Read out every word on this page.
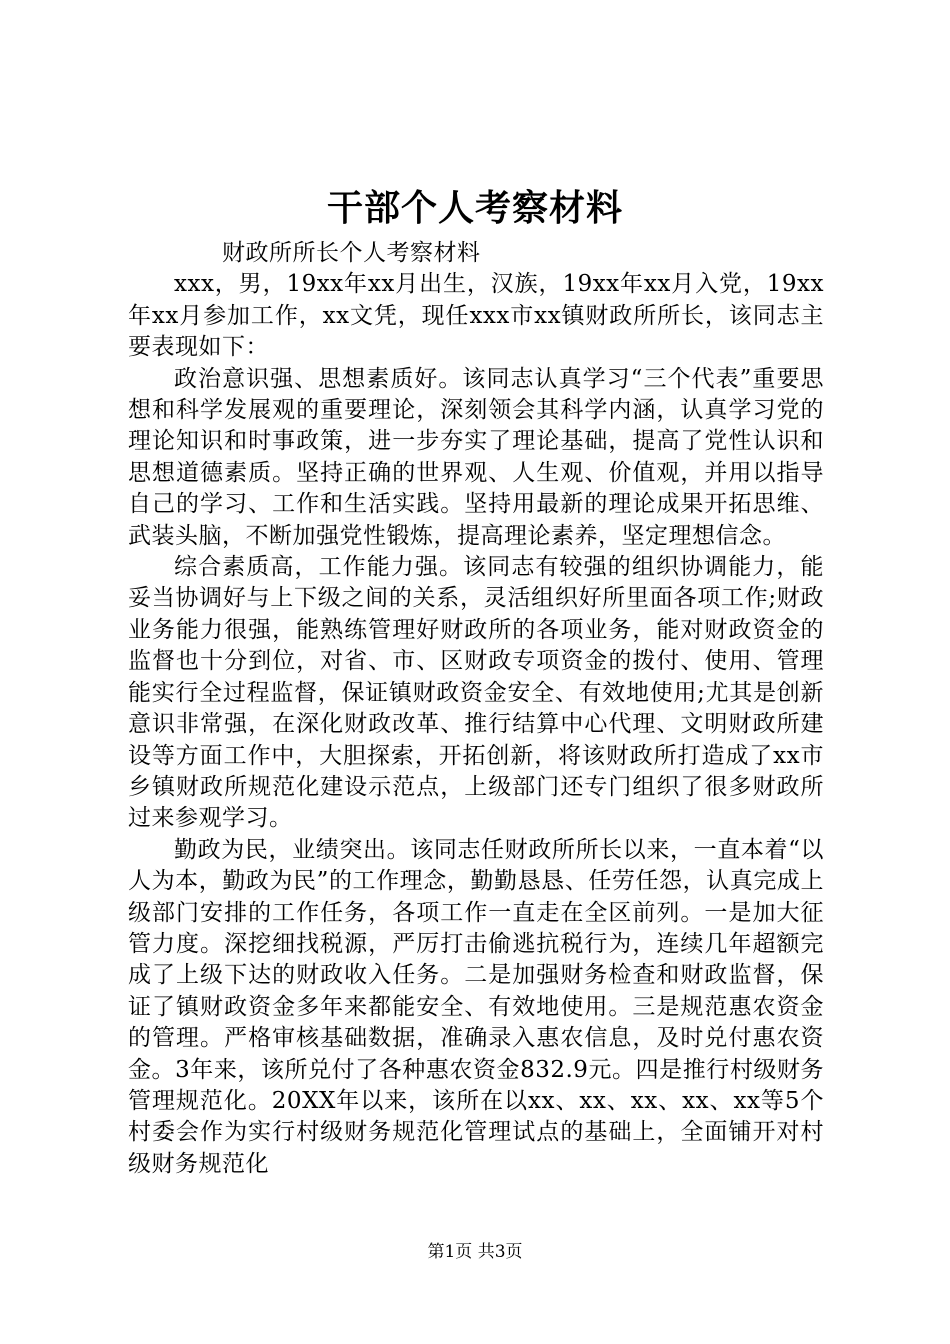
干部个人考察材料

财政所所长个人考察材料

xxx，男，19xx年xx月出生，汉族，19xx年xx月入党，19xx年xx月参加工作，xx文凭，现任xxx市xx镇财政所所长，该同志主要表现如下：

政治意识强、思想素质好。该同志认真学习“三个代表”重要思想和科学发展观的重要理论，深刻领会其科学内涵，认真学习党的理论知识和时事政策，进一步夯实了理论基础，提高了党性认识和思想道德素质。坚持正确的世界观、人生观、价值观，并用以指导自己的学习、工作和生活实践。坚持用最新的理论成果开拓思维、武装头脑，不断加强党性锻炼，提高理论素养，坚定理想信念。

综合素质高，工作能力强。该同志有较强的组织协调能力，能妥当协调好与上下级之间的关系，灵活组织好所里面各项工作;财政业务能力很强，能熟练管理好财政所的各项业务，能对财政资金的监督也十分到位，对省、市、区财政专项资金的拨付、使用、管理能实行全过程监督，保证镇财政资金安全、有效地使用;尤其是创新意识非常强，在深化财政改革、推行结算中心代理、文明财政所建设等方面工作中，大胆探索，开拓创新，将该财政所打造成了xx市乡镇财政所规范化建设示范点，上级部门还专门组织了很多财政所过来参观学习。

勤政为民，业绩突出。该同志任财政所所长以来，一直本着“以人为本，勤政为民”的工作理念，勤勤恳恳、任劳任怨，认真完成上级部门安排的工作任务，各项工作一直走在全区前列。一是加大征管力度。深挖细找税源，严厉打击偷逃抗税行为，连续几年超额完成了上级下达的财政收入任务。二是加强财务检查和财政监督，保证了镇财政资金多年来都能安全、有效地使用。三是规范惠农资金的管理。严格审核基础数据，准确录入惠农信息，及时兑付惠农资金。3年来，该所兑付了各种惠农资金832.9元。四是推行村级财务管理规范化。20XX年以来，该所在以xx、xx、xx、xx、xx等5个村委会作为实行村级财务规范化管理试点的基础上，全面铺开对村级财务规范化

第1页 共3页
